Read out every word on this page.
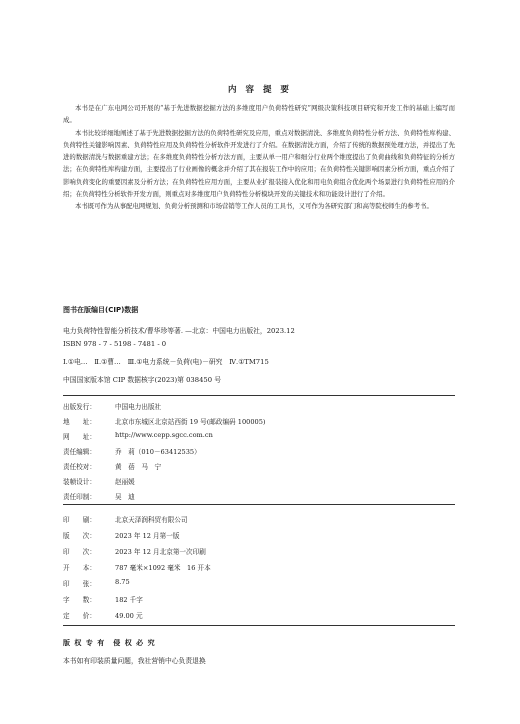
内 容 提 要

本书是在广东电网公司开展的“基于先进数据挖掘方法的多维度用户负荷特性研究”网级决策科技项目研究和开发工作的基础上编写而成。

本书比较详细地阐述了基于先进数据挖掘方法的负荷特性研究及应用，重点对数据清洗、多维度负荷特性分析方法、负荷特性库构建、负荷特性关键影响因素、负荷特性应用及负荷特性分析软件开发进行了介绍。在数据清洗方面，介绍了传统的数据预处理方法，并提出了先进的数据清洗与数据重建方法；在多维度负荷特性分析方法方面，主要从单一用户和细分行业两个维度提出了负荷曲线和负荷特征的分析方法；在负荷特性库构建方面，主要提出了行业画像的概念并介绍了其在报装工作中的应用；在负荷特性关键影响因素分析方面，重点介绍了影响负荷变化的重要因素及分析方法；在负荷特性应用方面，主要从业扩报装接入优化和用电负荷组合优化两个场景进行负荷特性应用的介绍；在负荷特性分析软件开发方面，则重点对多维度用户负荷特性分析模块开发的关键技术和功能设计进行了介绍。

本书既可作为从事配电网规划、负荷分析预测和市场营销等工作人员的工具书，又可作为各研究部门和高等院校师生的参考书。

图书在版编目(CIP)数据
电力负荷特性智能分析技术/曹华珍等著. —北京：中国电力出版社，2023.12
ISBN 978 - 7 - 5198 - 7481 - 0
Ⅰ.①电…　Ⅱ.①曹…　Ⅲ.①电力系统－负荷(电)－研究　Ⅳ.①TM715
中国国家版本馆 CIP 数据核字(2023)第 038450 号
出版发行：	中国电力出版社
地　　址：	北京市东城区北京站西街 19 号(邮政编码 100005)
网　　址：	http://www.cepp.sgcc.com.cn
责任编辑：	乔　莉（010－63412535）
责任校对：	黄　蓓　马　宁
装帧设计：	赵丽媛
责任印制：	吴　迪
印　　刷：	北京天泽润科贸有限公司
版　　次：	2023 年 12 月第一版
印　　次：	2023 年 12 月北京第一次印刷
开　　本：	787 毫米×1092 毫米　16 开本
印　　张：	8.75
字　　数：	182 千字
定　　价：	49.00 元
版 权 专 有　侵 权 必 究
本书如有印装质量问题，我社营销中心负责退换
